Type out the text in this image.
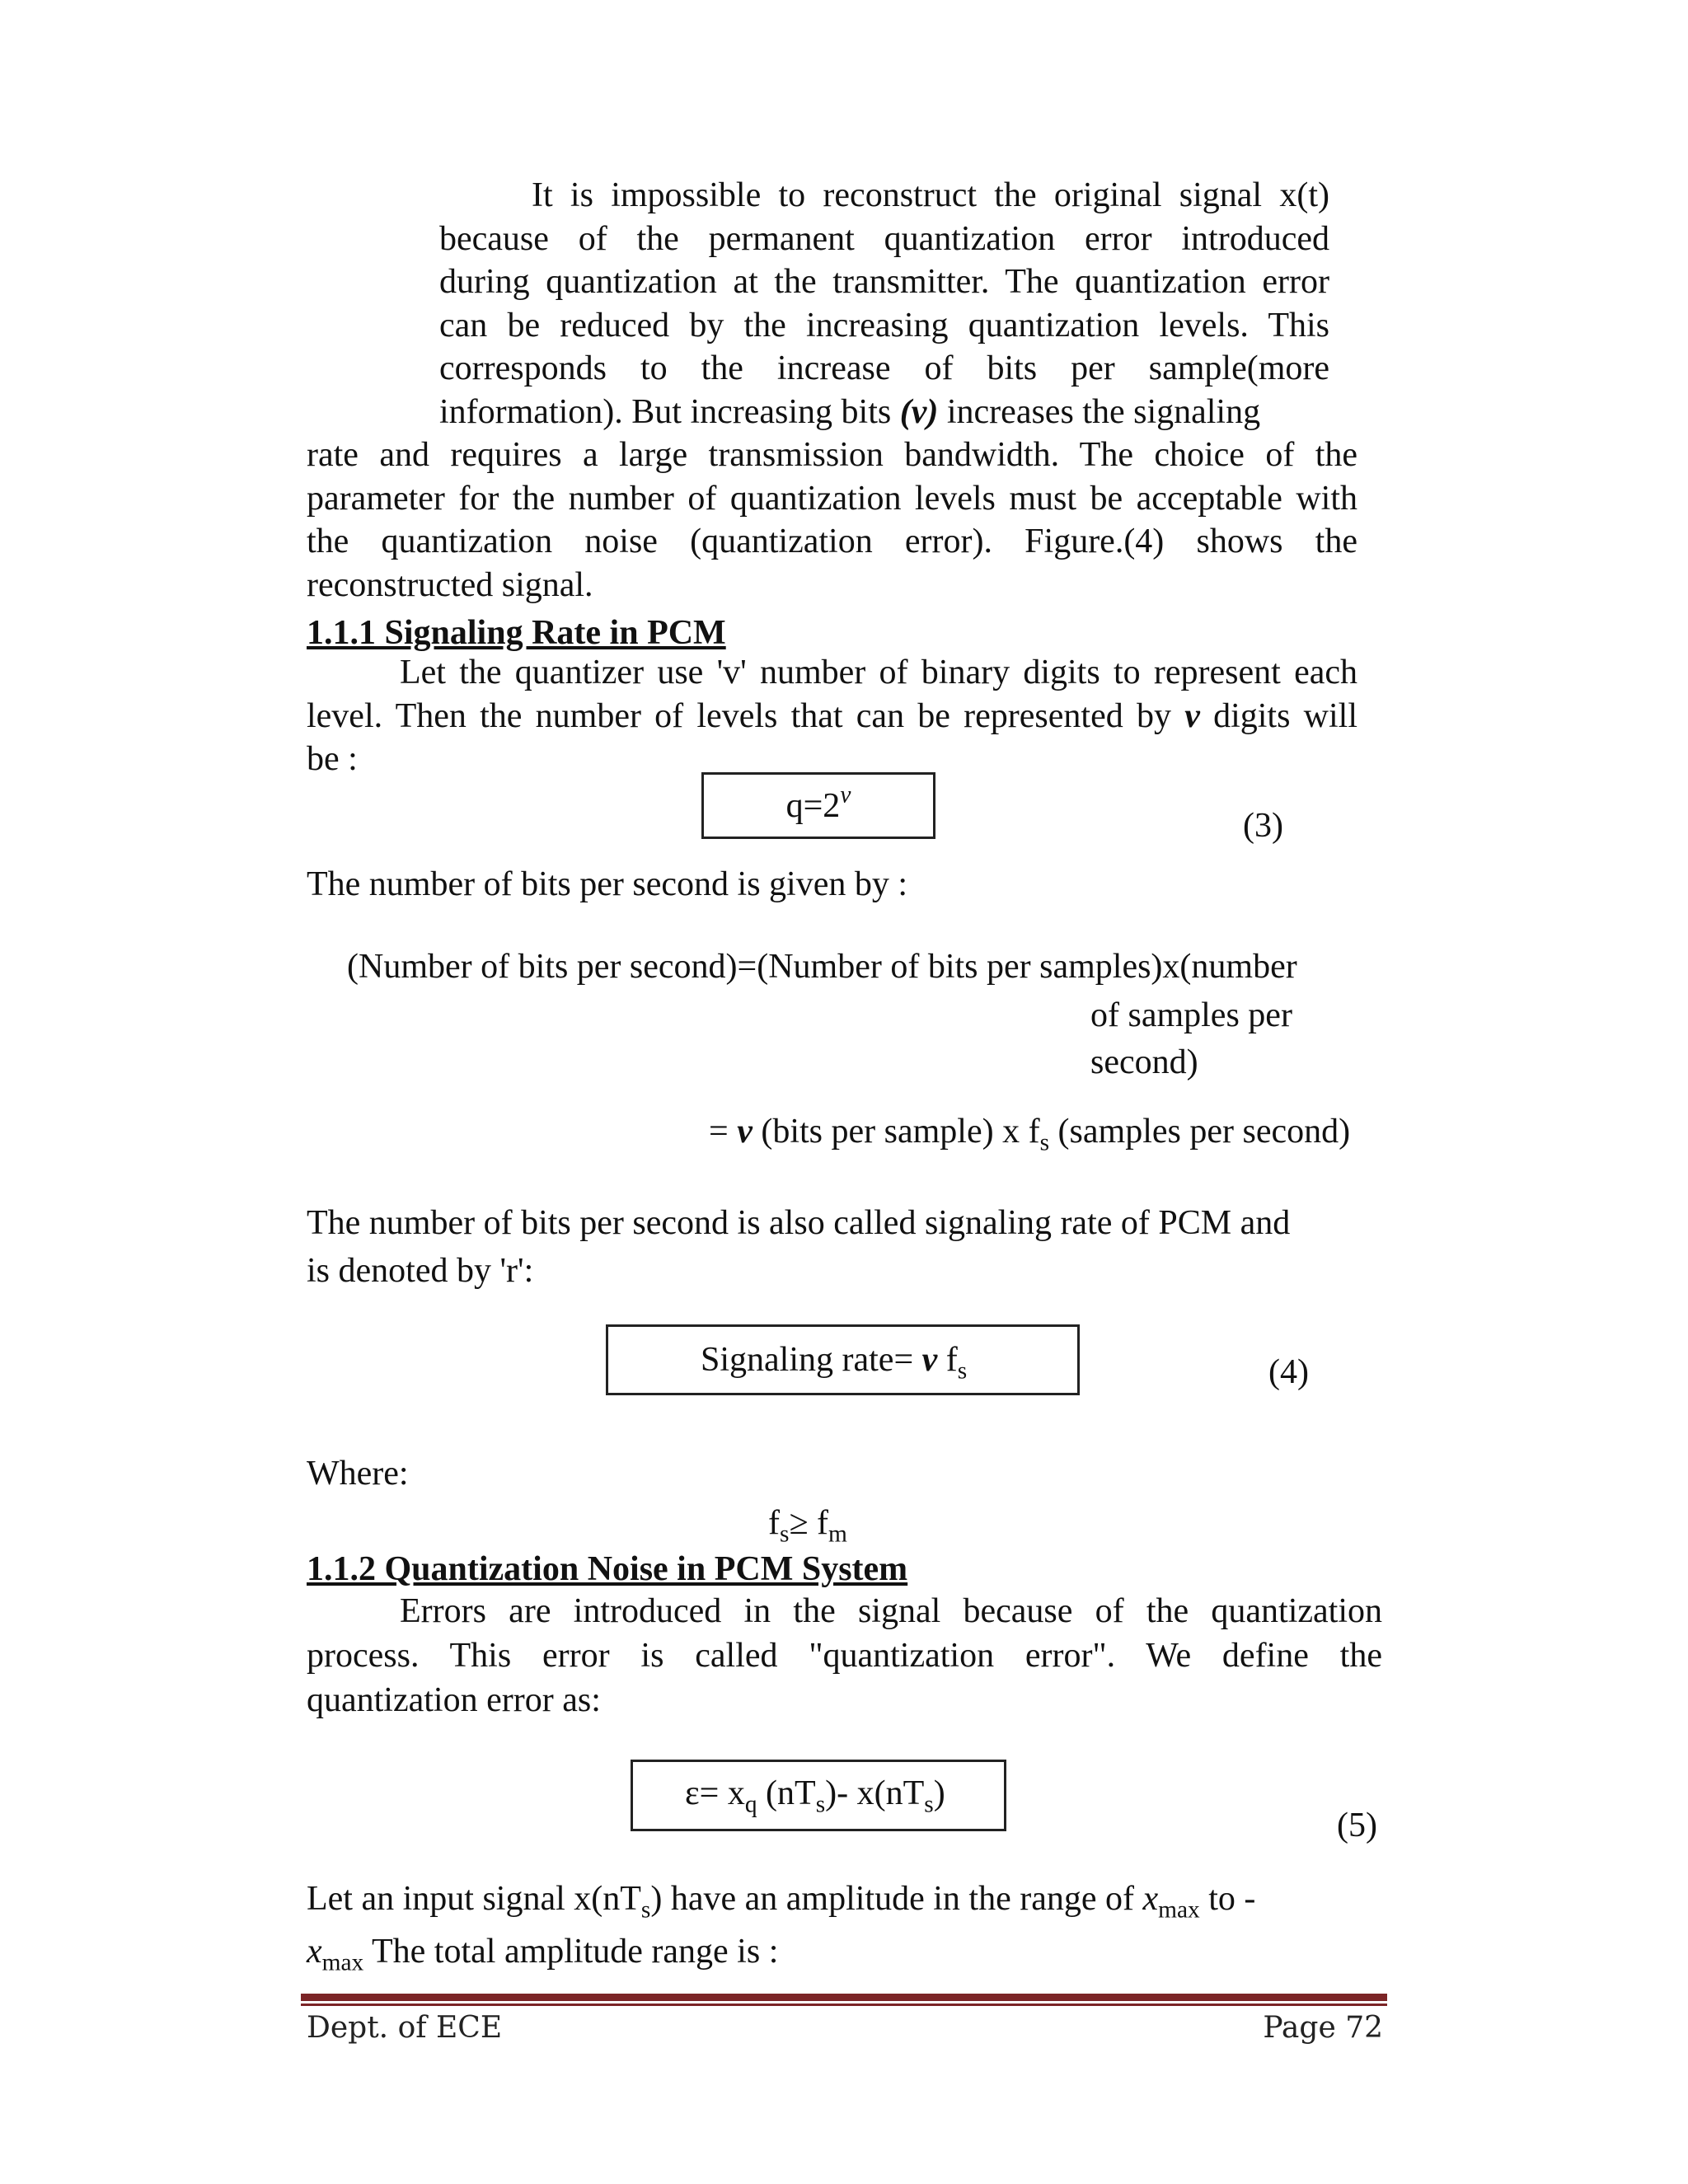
It is impossible to reconstruct the original signal x(t)
because of the permanent quantization error introduced
during quantization at the transmitter. The quantization error
can be reduced by the increasing quantization levels. This
corresponds to the increase of bits per sample(more
information). But increasing bits (v) increases the signaling
rate and requires a large transmission bandwidth. The choice of the
parameter for the number of quantization levels must be acceptable with
the quantization noise (quantization error). Figure.(4) shows the
reconstructed signal.
1.1.1 Signaling Rate in PCM
Let the quantizer use 'v' number of binary digits to represent each
level. Then the number of levels that can be represented by v digits will
be :
$q=2^v$
(3)
The number of bits per second is given by :
(Number of bits per second)=(Number of bits per samples)x(number
of samples per
second)
= v (bits per sample) x $f_s$ (samples per second)
The number of bits per second is also called signaling rate of PCM and
is denoted by 'r':
Signaling rate= v $f_s$	(4)
Where:
$f_s\ge f_m$
1.1.2 Quantization Noise in PCM System
Errors are introduced in the signal because of the quantization
process. This error is called "quantization error". We define the
quantization error as:
$\varepsilon= x_q$ $(nT_s)-$ $x(nT_s)$
(5)
Let an input signal $x(nT_s)$ have an amplitude in the range of $x_{max}$ to -
$x_{max}$ The total amplitude range is :
Dept. of ECE	Page 72
